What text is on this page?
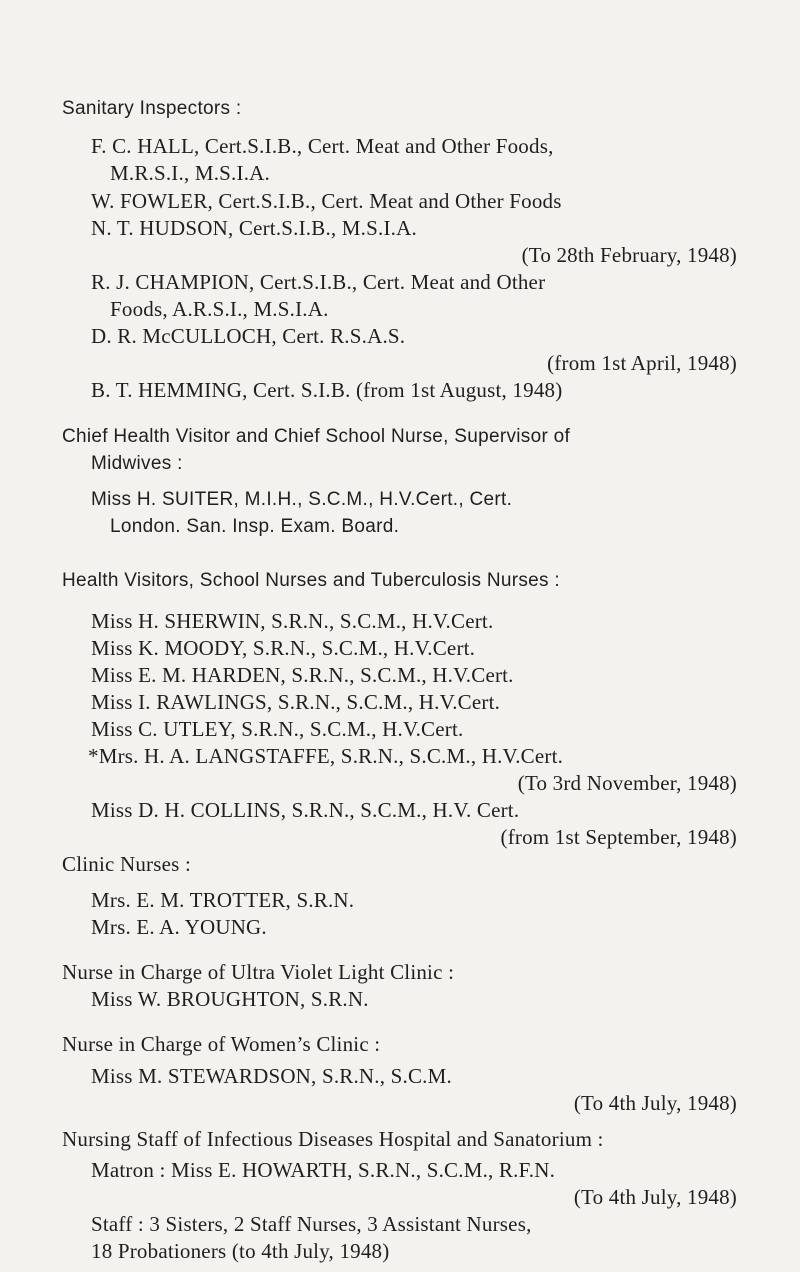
Sanitary Inspectors :
F. C. HALL, Cert.S.I.B., Cert. Meat and Other Foods,
M.R.S.I., M.S.I.A.
W. FOWLER, Cert.S.I.B., Cert. Meat and Other Foods
N. T. HUDSON, Cert.S.I.B., M.S.I.A.
(To 28th February, 1948)
R. J. CHAMPION, Cert.S.I.B., Cert. Meat and Other
Foods, A.R.S.I., M.S.I.A.
D. R. McCULLOCH, Cert. R.S.A.S.
(from 1st April, 1948)
B. T. HEMMING, Cert. S.I.B. (from 1st August, 1948)
Chief Health Visitor and Chief School Nurse, Supervisor of
Midwives :
Miss H. SUITER, M.I.H., S.C.M., H.V.Cert., Cert.
London. San. Insp. Exam. Board.
Health Visitors, School Nurses and Tuberculosis Nurses :
Miss H. SHERWIN, S.R.N., S.C.M., H.V.Cert.
Miss K. MOODY, S.R.N., S.C.M., H.V.Cert.
Miss E. M. HARDEN, S.R.N., S.C.M., H.V.Cert.
Miss I. RAWLINGS, S.R.N., S.C.M., H.V.Cert.
Miss C. UTLEY, S.R.N., S.C.M., H.V.Cert.
*Mrs. H. A. LANGSTAFFE, S.R.N., S.C.M., H.V.Cert.
(To 3rd November, 1948)
Miss D. H. COLLINS, S.R.N., S.C.M., H.V. Cert.
(from 1st September, 1948)
Clinic Nurses :
Mrs. E. M. TROTTER, S.R.N.
Mrs. E. A. YOUNG.
Nurse in Charge of Ultra Violet Light Clinic :
Miss W. BROUGHTON, S.R.N.
Nurse in Charge of Women’s Clinic :
Miss M. STEWARDSON, S.R.N., S.C.M.
(To 4th July, 1948)
Nursing Staff of Infectious Diseases Hospital and Sanatorium :
Matron : Miss E. HOWARTH, S.R.N., S.C.M., R.F.N.
(To 4th July, 1948)
Staff : 3 Sisters, 2 Staff Nurses, 3 Assistant Nurses,
18 Probationers (to 4th July, 1948)
